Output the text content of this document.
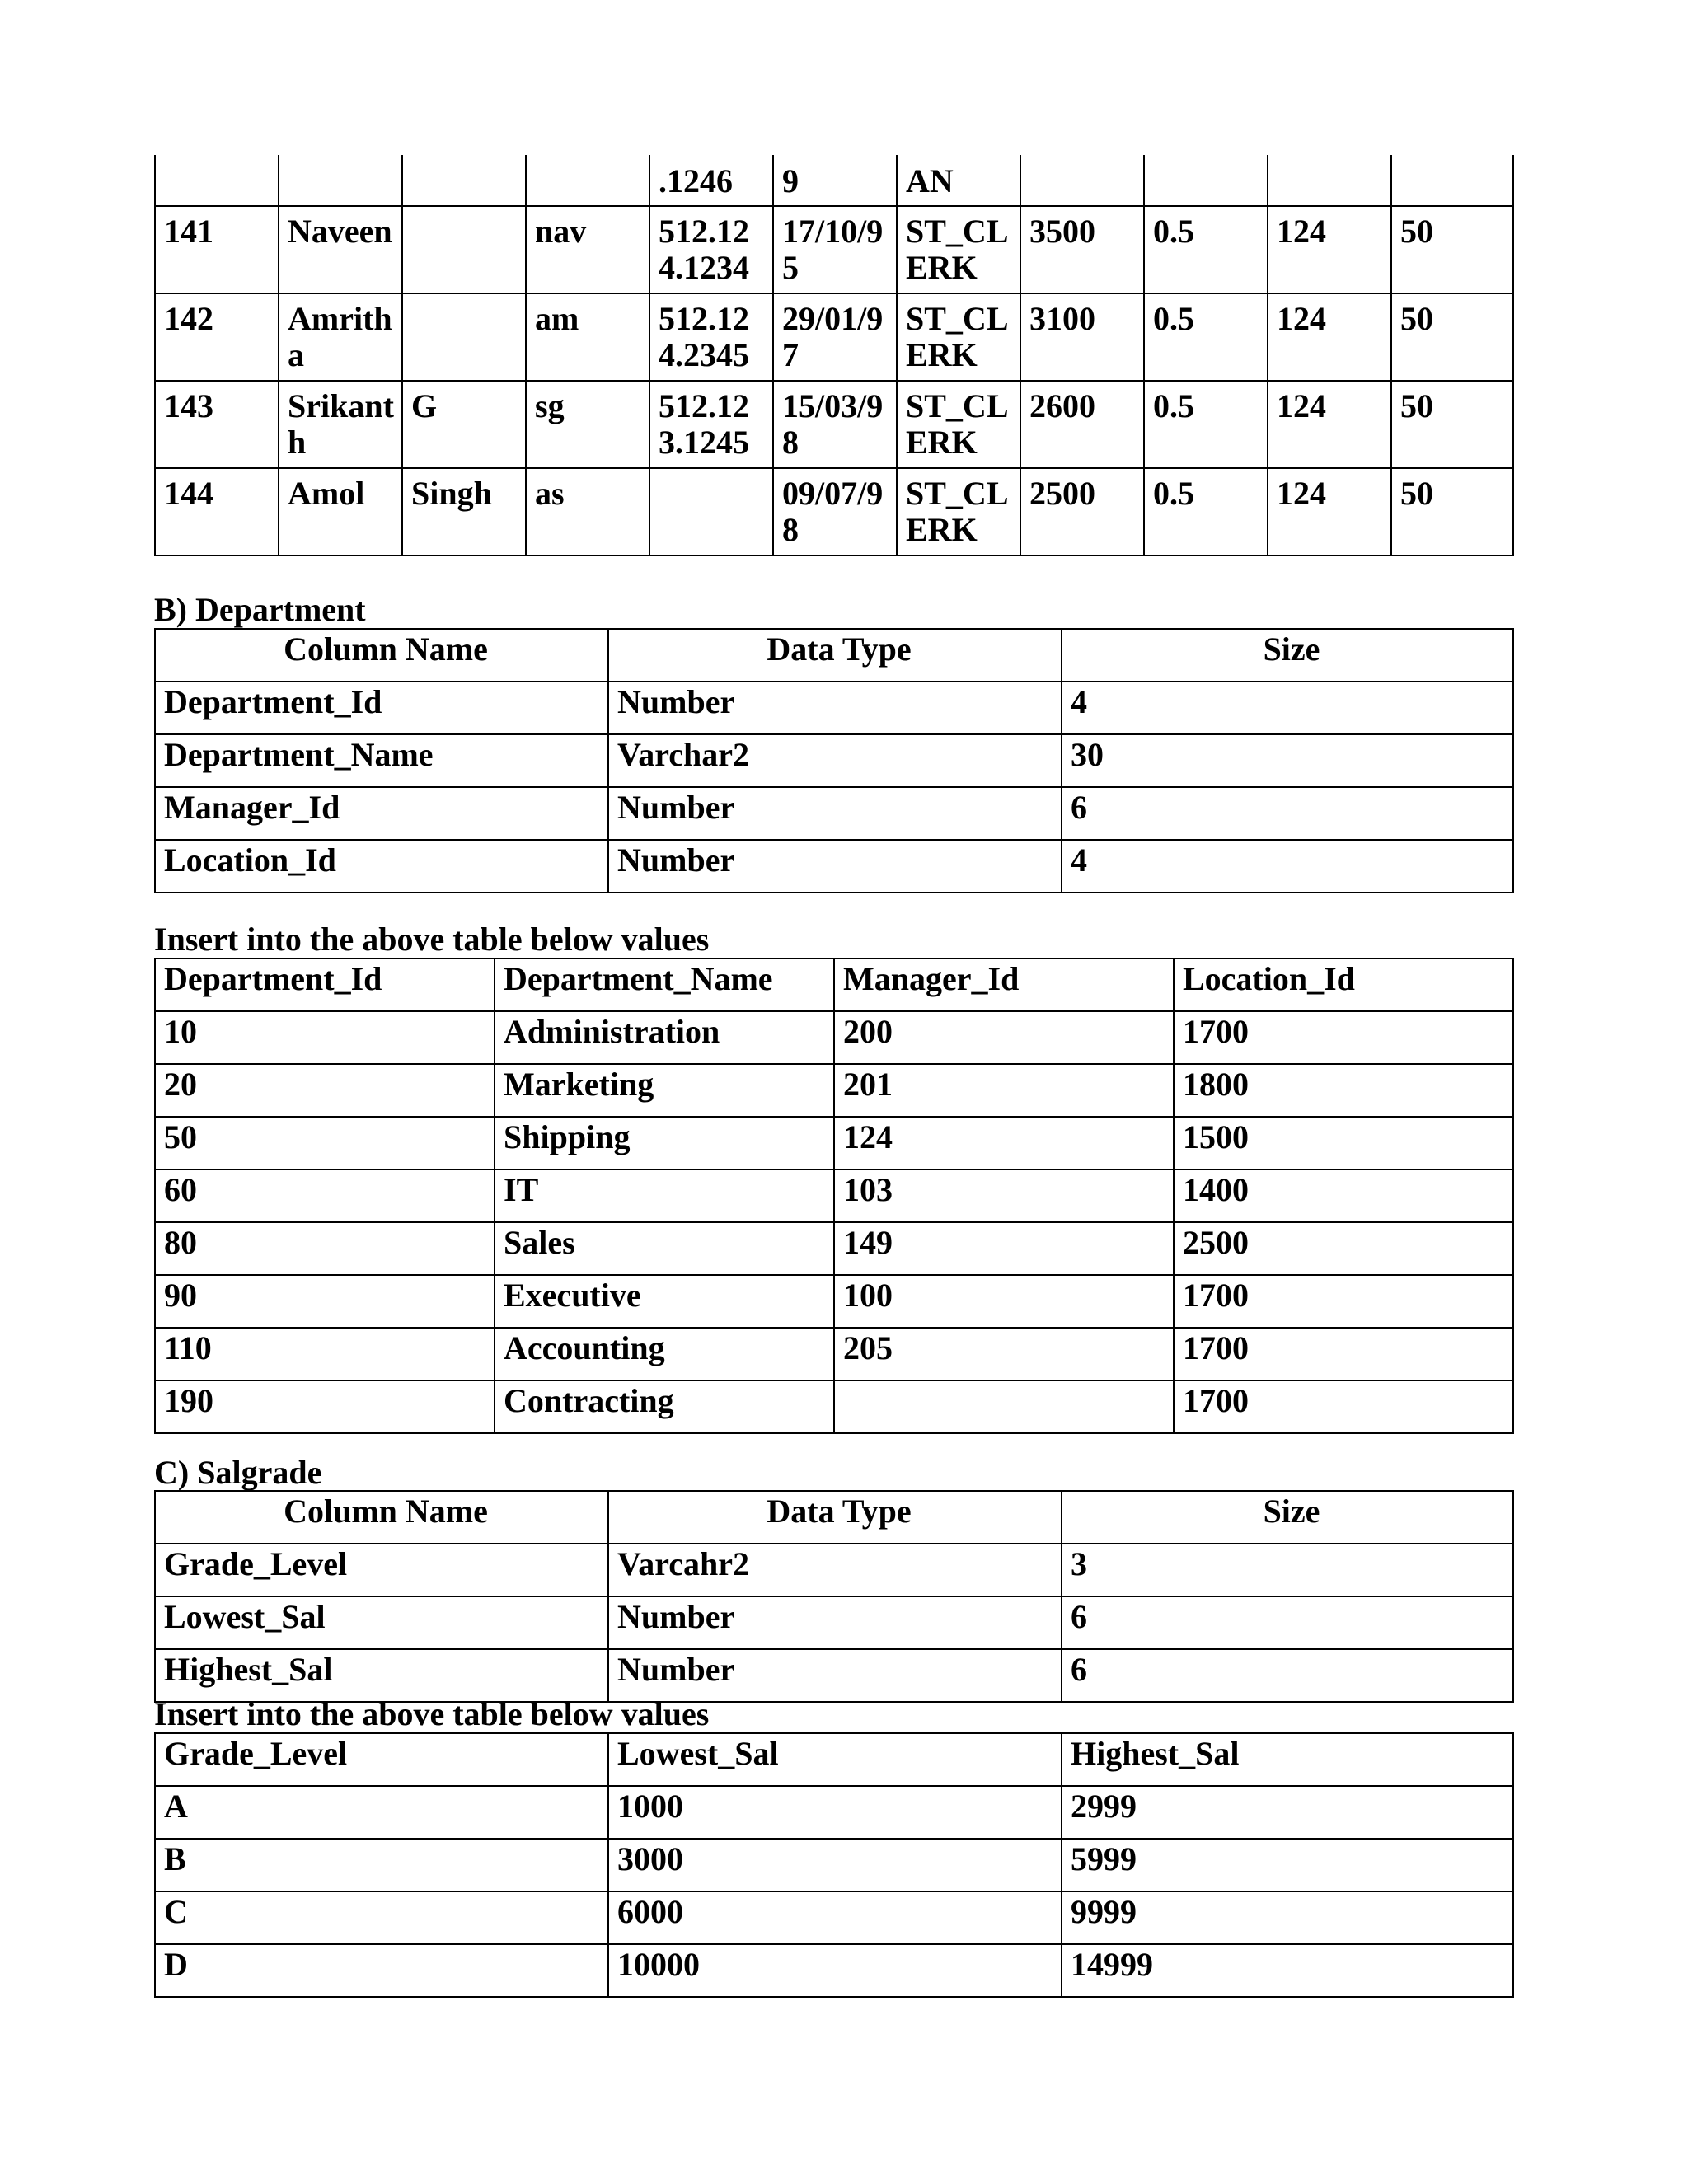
				.1246	9	AN				
141	Naveen		nav	512.124.1234	17/10/95	ST_CLERK	3500	0.5	124	50
142	Amritha		am	512.124.2345	29/01/97	ST_CLERK	3100	0.5	124	50
143	Srikanth	G	sg	512.123.1245	15/03/98	ST_CLERK	2600	0.5	124	50
144	Amol	Singh	as		09/07/98	ST_CLERK	2500	0.5	124	50
B) Department
Column Name	Data Type	Size
Department_Id	Number	4
Department_Name	Varchar2	30
Manager_Id	Number	6
Location_Id	Number	4
Insert into the above table below values
Department_Id	Department_Name	Manager_Id	Location_Id
10	Administration	200	1700
20	Marketing	201	1800
50	Shipping	124	1500
60	IT	103	1400
80	Sales	149	2500
90	Executive	100	1700
110	Accounting	205	1700
190	Contracting		1700
C) Salgrade
Column Name	Data Type	Size
Grade_Level	Varcahr2	3
Lowest_Sal	Number	6
Highest_Sal	Number	6
Insert into the above table below values
Grade_Level	Lowest_Sal	Highest_Sal
A	1000	2999
B	3000	5999
C	6000	9999
D	10000	14999
